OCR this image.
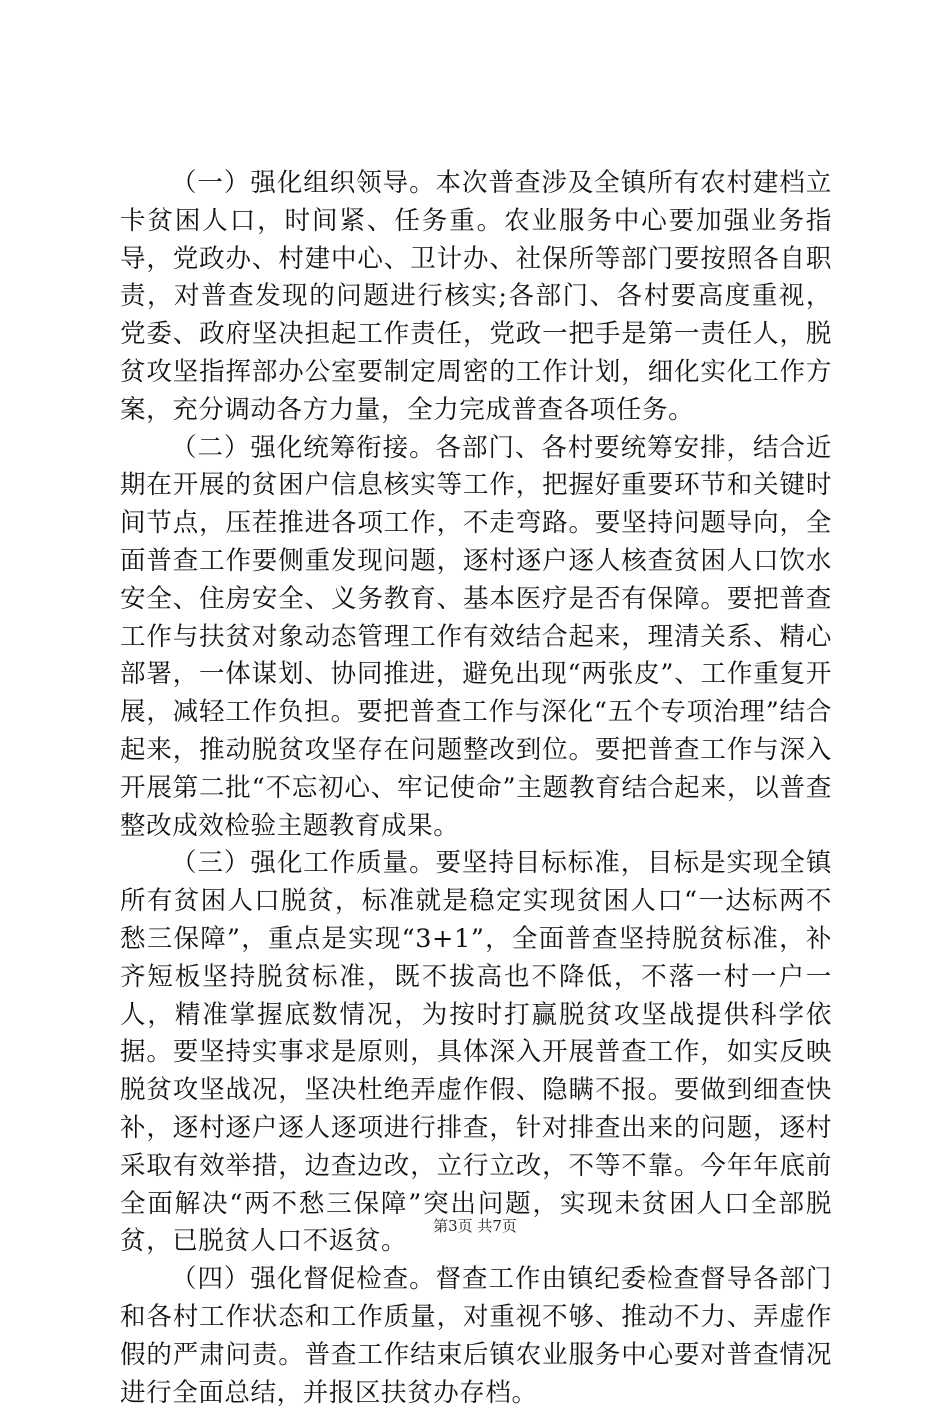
（一）强化组织领导。本次普查涉及全镇所有农村建档立卡贫困人口，时间紧、任务重。农业服务中心要加强业务指导，党政办、村建中心、卫计办、社保所等部门要按照各自职责，对普查发现的问题进行核实;各部门、各村要高度重视，党委、政府坚决担起工作责任，党政一把手是第一责任人，脱贫攻坚指挥部办公室要制定周密的工作计划，细化实化工作方案，充分调动各方力量，全力完成普查各项任务。

（二）强化统筹衔接。各部门、各村要统筹安排，结合近期在开展的贫困户信息核实等工作，把握好重要环节和关键时间节点，压茬推进各项工作，不走弯路。要坚持问题导向，全面普查工作要侧重发现问题，逐村逐户逐人核查贫困人口饮水安全、住房安全、义务教育、基本医疗是否有保障。要把普查工作与扶贫对象动态管理工作有效结合起来，理清关系、精心部署，一体谋划、协同推进，避免出现“两张皮”、工作重复开展，减轻工作负担。要把普查工作与深化“五个专项治理”结合起来，推动脱贫攻坚存在问题整改到位。要把普查工作与深入开展第二批“不忘初心、牢记使命”主题教育结合起来，以普查整改成效检验主题教育成果。

（三）强化工作质量。要坚持目标标准，目标是实现全镇所有贫困人口脱贫，标准就是稳定实现贫困人口“一达标两不愁三保障”，重点是实现“3+1”，全面普查坚持脱贫标准，补齐短板坚持脱贫标准，既不拔高也不降低，不落一村一户一人，精准掌握底数情况，为按时打赢脱贫攻坚战提供科学依据。要坚持实事求是原则，具体深入开展普查工作，如实反映脱贫攻坚战况，坚决杜绝弄虚作假、隐瞒不报。要做到细查快补，逐村逐户逐人逐项进行排查，针对排查出来的问题，逐村采取有效举措，边查边改，立行立改，不等不靠。今年年底前全面解决“两不愁三保障”突出问题，实现未贫困人口全部脱贫，已脱贫人口不返贫。

（四）强化督促检查。督查工作由镇纪委检查督导各部门和各村工作状态和工作质量，对重视不够、推动不力、弄虚作假的严肃问责。普查工作结束后镇农业服务中心要对普查情况进行全面总结，并报区扶贫办存档。

第3页 共7页
